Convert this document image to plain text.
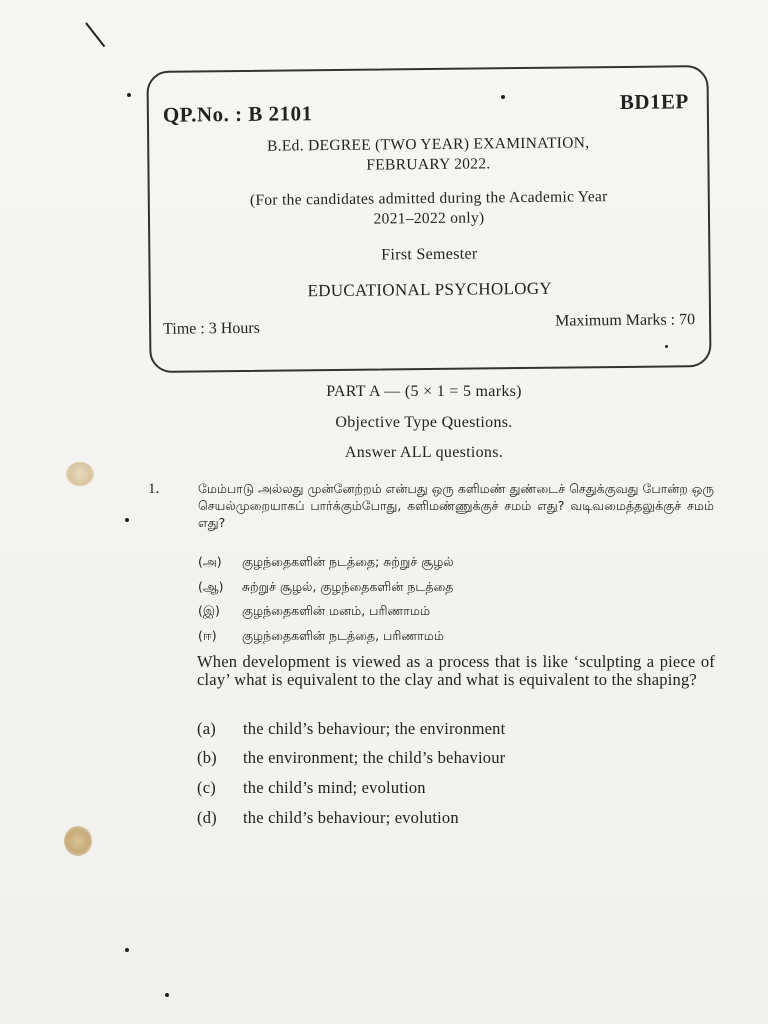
QP.No. : B 2101	BD1EP
B.Ed. DEGREE (TWO YEAR) EXAMINATION,
FEBRUARY 2022.
(For the candidates admitted during the Academic Year
2021–2022 only)
First Semester
EDUCATIONAL PSYCHOLOGY
Time : 3 Hours	Maximum Marks : 70
PART A — (5 × 1 = 5 marks)
Objective Type Questions.
Answer ALL questions.
1.	மேம்பாடு அல்லது முன்னேற்றம் என்பது ஒரு களிமண் துண்டைச் செதுக்குவது போன்ற ஒரு செயல்முறையாகப் பார்க்கும்போது, களிமண்ணுக்குச் சமம் எது? வடிவமைத்தலுக்குச் சமம் எது?
(அ) குழந்தைகளின் நடத்தை; சுற்றுச் சூழல்
(ஆ) சுற்றுச் சூழல், குழந்தைகளின் நடத்தை
(இ) குழந்தைகளின் மனம், பரிணாமம்
(ஈ) குழந்தைகளின் நடத்தை, பரிணாமம்
When development is viewed as a process that is like ‘sculpting a piece of clay’ what is equivalent to the clay and what is equivalent to the shaping?
(a) the child’s behaviour; the environment
(b) the environment; the child’s behaviour
(c) the child’s mind; evolution
(d) the child’s behaviour; evolution
